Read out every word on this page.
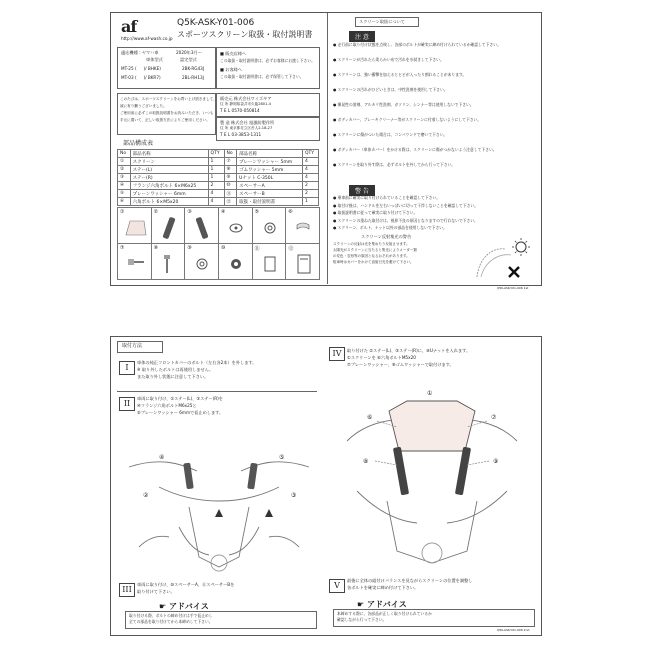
af
http://www.af-wash.co.jp
Q5K-ASK-Y01-006
スポーツスクリーン取扱・取付説明書
適応機種 : ヤマハ車	2020年3月～
車体型式	認定型式
MT-25 ( 　 )/ BHKE)	2BK-RG43J
MT-03 ( 　 )/ BKR7)	2BL-RH13J
■ 販売店様へ
この取扱・取付説明書は、必ずお客様にお渡し下さい。
■ お客様へ
この取扱・取付説明書は、必ず保管して下さい。
このたびは、スポーツスクリーンをお買い上げ頂きまして、
誠に有り難うございました。
ご使用前に必ずこの取扱説明書をお読みいただき、いつも
手元に置いて、正しい取扱方法によりご使用ください。
販売元 株式会社ワイズギア
住 所 静岡県袋井市久能2801-4
T E L 0570-050814
製 造 株式会社 旭風防製作所
住 所 東京都足立区舎人2-18-27
T E L 03-3853-1311
部品構成表
No	部品名称	QTY	No	部品名称	QTY
①	スクリーン	1	⑦	プレーンワッシャー 5mm	4
②	ステー(L)	1	⑧	ゴムワッシャー 5mm	4
③	ステー(R)	1	⑨	Uナット C-350L	4
④	フランジ六角ボルト 6×M6x25	2	⑩	スペーサーA	2
⑤	プレーンワッシャー 6mm	4	⑪	スペーサーB	2
⑥	六角ボルト 6×M5x20	4	⑫	取扱・取付説明書	1
①	②	③	④	⑤	⑥
⑦	⑧	⑨	⑩	⑪	⑫
スクリーン取扱について
注 意
● 走行前に取り付け状態を点検し、各部のボルトが確実に締め付けられているか確認して下さい。
● スクリーンが汚れたら柔らかい布で汚れを水拭きして下さい。
● スクリーンは、強い衝撃を加えるとヒビが入ったり割れることがあります。
● スクリーンの汚れがひどいときは、中性洗剤を使用して下さい。
● 揮発性の溶剤、アルカリ性洗剤、ガソリン、シンナー等は使用しないで下さい。
● ボディカバー、ブレーキクリーナー等がスクリーンに付着しないようにして下さい。
● スクリーンに傷がついた場合は、コンパウンドで磨いて下さい。
● ボディカバー（車体カバー）をかける際は、スクリーンに傷がつかないよう注意して下さい。
● スクリーンを取り外す際は、必ずボルトを外してから行って下さい。
警 告
● 乗車前に確実に取り付けられていることを確認して下さい。
● 取付け後は、ハンドルを左右いっぱいに切って干渉しないことを確認して下さい。
● 取扱説明書に従って確実に取り付けて下さい。
● スクリーンの重ねた取付けは、視界不良の原因となりますので行わないで下さい。
● スクリーン、ボルト、ナット以外の部品を使用しないで下さい。
スクリーン反射集光の警告
スクリーンの反射は光を集めたり反射させます。
太陽光がスクリーンに当たると集光によりメーター類
の変色・変形等の原因となるおそれがあります。
駐車時はカバーをかけて直射日光を避けて下さい。
Q5K-ASK-Y01-006 1st
取付方法
I
車体の純正フロントカバーのボルト（左右各2本）を外します。
※ 取り外したボルトは再使用しません。
また取り外し状態に注意して下さい。
II
車両に取り付け、①ステー(L)、③ステー(R)を
④フランジ六角ボルトM6x25と
⑤プレーンワッシャー 6mmで仮止めします。
④	⑤
②	③
III
車両に取り付け、⑩スペーサーA、⑪スペーサーBを
取り付けて下さい。
☛ アドバイス
取り付ける際、ボルトの締め付けは手で仮止めし
全ての部品を取り付けてから本締めして下さい。
IV	取り付けた ②ステー(L)、③ステー(R)に、⑨Uナットを入れます。
①スクリーンを ⑥六角ボルトM5x20
⑦プレーンワッシャー、⑧ゴムワッシャーで取付けます。
⑥	⑦
⑧	⑨
①
V
最後に全体の組付けバランスを見ながらスクリーンの位置を調整し
各ボルトを確実に締め付けて下さい。
☛ アドバイス
本締めする際に、各部品が正しく取り付けられているか
確認しながら行って下さい。
Q5K-ASK-Y01-006 2nd
